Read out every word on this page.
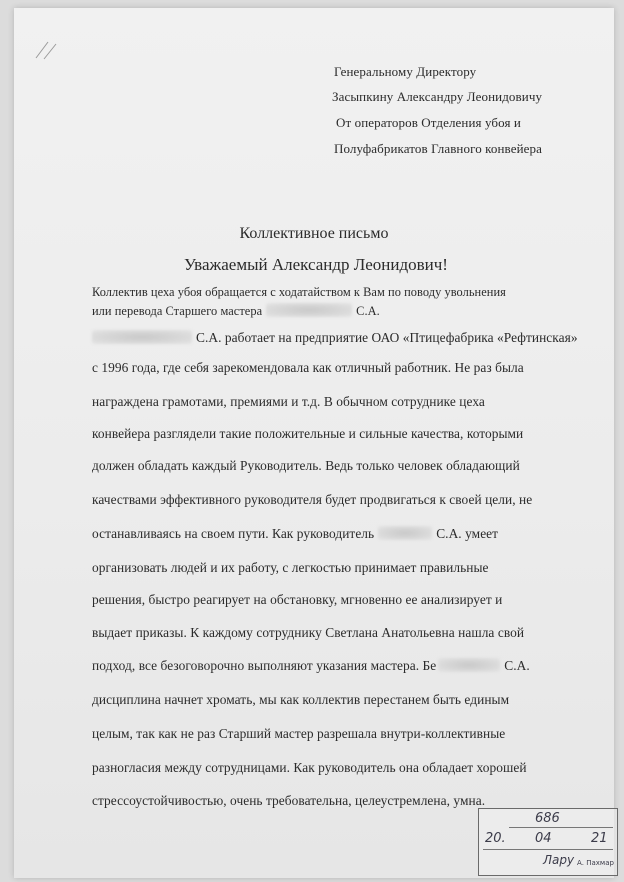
Генеральному Директору
Засыпкину Александру Леонидовичу
От операторов Отделения убоя и
Полуфабрикатов Главного конвейера
Коллективное письмо
Уважаемый Александр Леонидович!
Коллектив цеха убоя обращается с ходатайством к Вам по поводу увольнения
или перевода Старшего мастера	С.А.
С.А. работает на предприятие ОАО «Птицефабрика «Рефтинская»
с 1996 года, где себя зарекомендовала как отличный работник. Не раз была
награждена грамотами, премиями и т.д. В обычном сотруднике цеха
конвейера разглядели такие положительные и сильные качества, которыми
должен обладать каждый Руководитель. Ведь только человек обладающий
качествами эффективного руководителя будет продвигаться к своей цели, не
останавливаясь на своем пути. Как руководитель	С.А. умеет
организовать людей и их работу, с легкостью принимает правильные
решения, быстро реагирует на обстановку, мгновенно ее анализирует и
выдает приказы. К каждому сотруднику Светлана Анатольевна нашла свой
подход, все безоговорочно выполняют указания мастера. Бе	С.А.
дисциплина начнет хромать, мы как коллектив перестанем быть единым
целым, так как не раз Старший мастер разрешала внутри-коллективные
разногласия между сотрудницами. Как руководитель она обладает хорошей
стрессоустойчивостью, очень требовательна, целеустремлена, умна.
686
20. 04	21
Лару А. Пахмар
